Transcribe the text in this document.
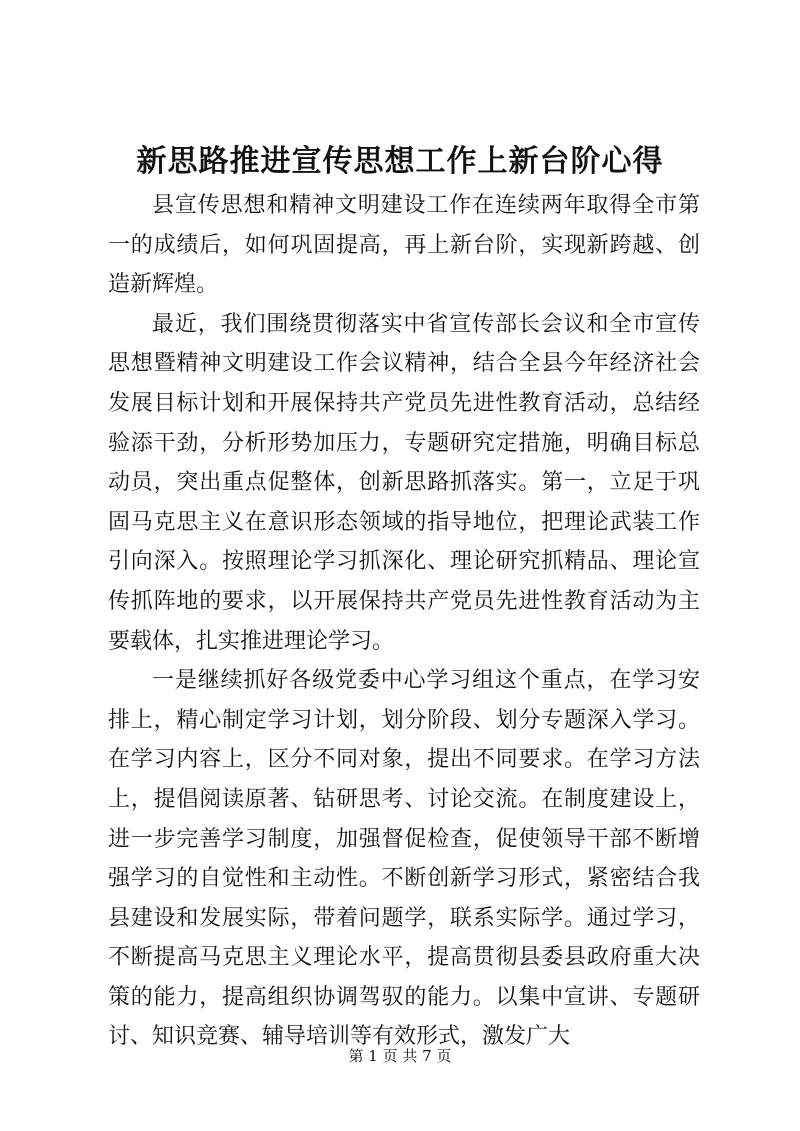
新思路推进宣传思想工作上新台阶心得

县宣传思想和精神文明建设工作在连续两年取得全市第一的成绩后，如何巩固提高，再上新台阶，实现新跨越、创造新辉煌。

最近，我们围绕贯彻落实中省宣传部长会议和全市宣传思想暨精神文明建设工作会议精神，结合全县今年经济社会发展目标计划和开展保持共产党员先进性教育活动，总结经验添干劲，分析形势加压力，专题研究定措施，明确目标总动员，突出重点促整体，创新思路抓落实。第一，立足于巩固马克思主义在意识形态领域的指导地位，把理论武装工作引向深入。按照理论学习抓深化、理论研究抓精品、理论宣传抓阵地的要求，以开展保持共产党员先进性教育活动为主要载体，扎实推进理论学习。

一是继续抓好各级党委中心学习组这个重点，在学习安排上，精心制定学习计划，划分阶段、划分专题深入学习。在学习内容上，区分不同对象，提出不同要求。在学习方法上，提倡阅读原著、钻研思考、讨论交流。在制度建设上，进一步完善学习制度，加强督促检查，促使领导干部不断增强学习的自觉性和主动性。不断创新学习形式，紧密结合我县建设和发展实际，带着问题学，联系实际学。通过学习，不断提高马克思主义理论水平，提高贯彻县委县政府重大决策的能力，提高组织协调驾驭的能力。以集中宣讲、专题研讨、知识竞赛、辅导培训等有效形式，激发广大

第 1 页 共 7 页
